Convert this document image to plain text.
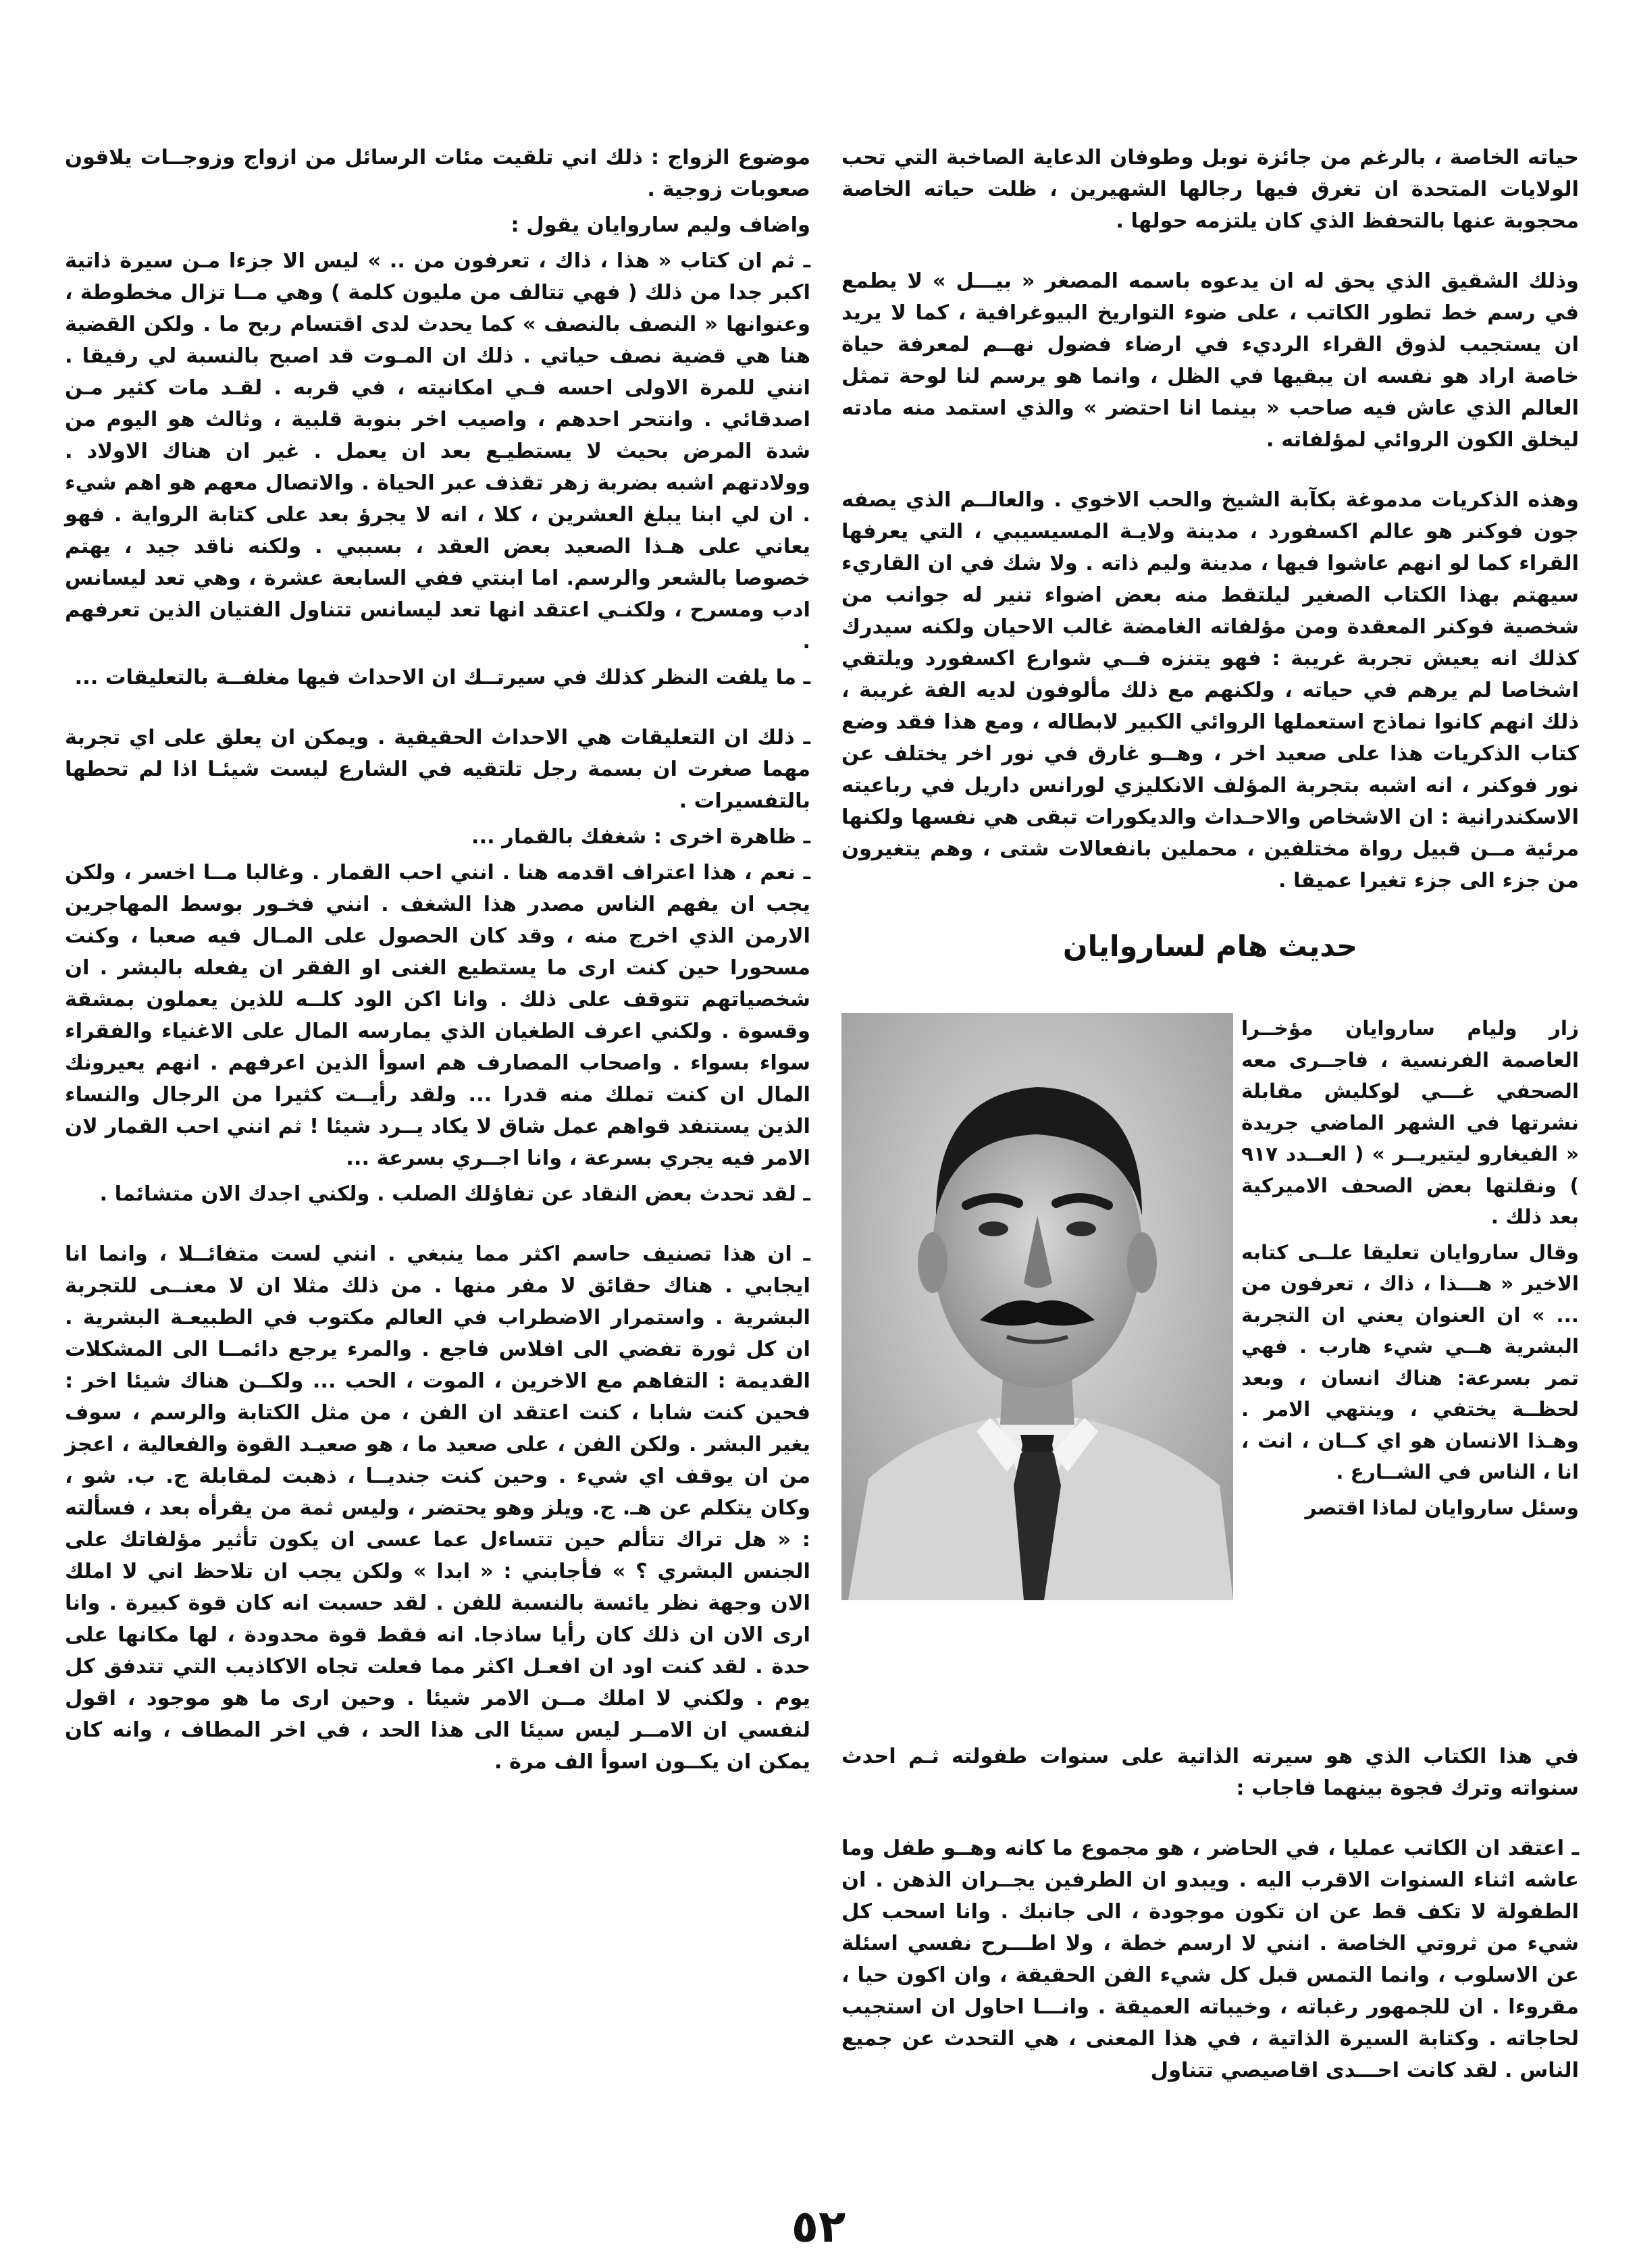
حياته الخاصة ، بالرغم من جائزة نوبل وطوفان الدعاية الصاخبة التي تحب الولايات المتحدة ان تغرق فيها رجالها الشهيرين ، ظلت حياته الخاصة محجوبة عنها بالتحفظ الذي كان يلتزمه حولها .

وذلك الشقيق الذي يحق له ان يدعوه باسمه المصغر « بيـــل » لا يطمع في رسم خط تطور الكاتب ، على ضوء التواريخ البيوغرافية ، كما لا يريد ان يستجيب لذوق القراء الرديء في ارضاء فضول نهــم لمعرفة حياة خاصة اراد هو نفسه ان يبقيها في الظل ، وانما هو يرسم لنا لوحة تمثل العالم الذي عاش فيه صاحب « بينما انا احتضر » والذي استمد منه مادته ليخلق الكون الروائي لمؤلفاته .

وهذه الذكريات مدموغة بكآبة الشيخ والحب الاخوي . والعالــم الذي يصفه جون فوكنر هو عالم اكسفورد ، مدينة ولايـة المسيسيبي ، التي يعرفها القراء كما لو انهم عاشوا فيها ، مدينة وليم ذاته . ولا شك في ان القاريء سيهتم بهذا الكتاب الصغير ليلتقط منه بعض اضواء تنير له جوانب من شخصية فوكنر المعقدة ومن مؤلفاته الغامضة غالب الاحيان ولكنه سيدرك كذلك انه يعيش تجربة غريبة : فهو يتنزه فــي شوارع اكسفورد ويلتقي اشخاصا لم يرهم في حياته ، ولكنهم مع ذلك مألوفون لديه الفة غريبة ، ذلك انهم كانوا نماذج استعملها الروائي الكبير لابطاله ، ومع هذا فقد وضع كتاب الذكريات هذا على صعيد اخر ، وهــو غارق في نور اخر يختلف عن نور فوكنر ، انه اشبه بتجربة المؤلف الانكليزي لورانس داريل في رباعيته الاسكندرانية : ان الاشخاص والاحـداث والديكورات تبقى هي نفسها ولكنها مرئية مــن قبيل رواة مختلفين ، محملين بانفعالات شتى ، وهم يتغيرون من جزء الى جزء تغيرا عميقا .

حديث هام لساروايان

زار وليام ساروايان مؤخــرا العاصمة الفرنسية ، فاجــرى معه الصحفي غـــي لوكليش مقابلة نشرتها في الشهر الماضي جريدة « الفيغارو ليتيريــر » ( العــدد ٩١٧ ) ونقلتها بعض الصحف الاميركية بعد ذلك .

وقال ساروايان تعليقا علــى كتابه الاخير « هـــذا ، ذاك ، تعرفون من ... » ان العنوان يعني ان التجربة البشرية هــي شيء هارب . فهي تمر بسرعة: هناك انسان ، وبعد لحظــة يختفي ، وينتهي الامر . وهـذا الانسان هو اي كــان ، انت ، انا ، الناس في الشــارع .

وسئل ساروايان لماذا اقتصر

في هذا الكتاب الذي هو سيرته الذاتية على سنوات طفولته ثـم احدث سنواته وترك فجوة بينهما فاجاب :

ـ اعتقد ان الكاتب عمليا ، في الحاضر ، هو مجموع ما كانه وهــو طفل وما عاشه اثناء السنوات الاقرب اليه . ويبدو ان الطرفين يجــران الذهن . ان الطفولة لا تكف قط عن ان تكون موجودة ، الى جانبك . وانا اسحب كل شيء من ثروتي الخاصة . انني لا ارسم خطة ، ولا اطـــرح نفسي اسئلة عن الاسلوب ، وانما التمس قبل كل شيء الفن الحقيقة ، وان اكون حيا ، مقروءا . ان للجمهور رغباته ، وخيباته العميقة . وانـــا احاول ان استجيب لحاجاته . وكتابة السيرة الذاتية ، في هذا المعنى ، هي التحدث عن جميع الناس . لقد كانت احـــدى اقاصيصي تتناول

موضوع الزواج : ذلك اني تلقيت مئات الرسائل من ازواج وزوجــات يلاقون صعوبات زوجية .

واضاف وليم ساروايان يقول :

ـ ثم ان كتاب « هذا ، ذاك ، تعرفون من .. » ليس الا جزءا مـن سيرة ذاتية اكبر جدا من ذلك ( فهي تتالف من مليون كلمة ) وهي مــا تزال مخطوطة ، وعنوانها « النصف بالنصف » كما يحدث لدى اقتسام ربح ما . ولكن القضية هنا هي قضية نصف حياتي . ذلك ان المـوت قد اصبح بالنسبة لي رفيقا . انني للمرة الاولى احسه فـي امكانيته ، في قربه . لقـد مات كثير مـن اصدقائي . وانتحر احدهم ، واصيب اخر بنوبة قلبية ، وثالث هو اليوم من شدة المرض بحيث لا يستطيـع بعد ان يعمل . غير ان هناك الاولاد . وولادتهم اشبه بضربة زهر تقذف عبر الحياة . والاتصال معهم هو اهم شيء . ان لي ابنا يبلغ العشرين ، كلا ، انه لا يجرؤ بعد على كتابة الرواية . فهو يعاني على هـذا الصعيد بعض العقد ، بسببي . ولكنه ناقد جيد ، يهتم خصوصا بالشعر والرسم. اما ابنتي ففي السابعة عشرة ، وهي تعد ليسانس ادب ومسرح ، ولكنـي اعتقد انها تعد ليسانس تتناول الفتيان الذين تعرفهم .

ـ ما يلفت النظر كذلك في سيرتــك ان الاحداث فيها مغلفــة بالتعليقات ...

ـ ذلك ان التعليقات هي الاحداث الحقيقية . ويمكن ان يعلق على اي تجربة مهما صغرت ان بسمة رجل تلتقيه في الشارع ليست شيئـا اذا لم تحطها بالتفسيرات .

ـ ظاهرة اخرى : شغفك بالقمار ...

ـ نعم ، هذا اعتراف اقدمه هنا . انني احب القمار . وغالبا مــا اخسر ، ولكن يجب ان يفهم الناس مصدر هذا الشغف . انني فخـور بوسط المهاجرين الارمن الذي اخرج منه ، وقد كان الحصول على المـال فيه صعبا ، وكنت مسحورا حين كنت ارى ما يستطيع الغنى او الفقر ان يفعله بالبشر . ان شخصياتهم تتوقف على ذلك . وانا اكن الود كلــه للذين يعملون بمشقة وقسوة . ولكني اعرف الطغيان الذي يمارسه المال على الاغنياء والفقراء سواء بسواء . واصحاب المصارف هم اسوأ الذين اعرفهم . انهم يعيرونك المال ان كنت تملك منه قدرا ... ولقد رأيــت كثيرا من الرجال والنساء الذين يستنفد قواهم عمل شاق لا يكاد يــرد شيئا ! ثم انني احب القمار لان الامر فيه يجري بسرعة ، وانا اجــري بسرعة ...

ـ لقد تحدث بعض النقاد عن تفاؤلك الصلب . ولكني اجدك الان متشائما .

ـ ان هذا تصنيف حاسم اكثر مما ينبغي . انني لست متفائــلا ، وانما انا ايجابي . هناك حقائق لا مفر منها . من ذلك مثلا ان لا معنــى للتجربة البشرية . واستمرار الاضطراب في العالم مكتوب في الطبيعـة البشرية . ان كل ثورة تفضي الى افلاس فاجع . والمرء يرجع دائمــا الى المشكلات القديمة : التفاهم مع الاخرين ، الموت ، الحب ... ولكــن هناك شيئا اخر : فحين كنت شابا ، كنت اعتقد ان الفن ، من مثل الكتابة والرسم ، سوف يغير البشر . ولكن الفن ، على صعيد ما ، هو صعيـد القوة والفعالية ، اعجز من ان يوقف اي شيء . وحين كنت جنديــا ، ذهبت لمقابلة ج. ب. شو ، وكان يتكلم عن هـ. ج. ويلز وهو يحتضر ، وليس ثمة من يقرأه بعد ، فسألته : « هل تراك تتألم حين تتساءل عما عسى ان يكون تأثير مؤلفاتك على الجنس البشري ؟ » فأجابني : « ابدا » ولكن يجب ان تلاحظ اني لا املك الان وجهة نظر يائسة بالنسبة للفن . لقد حسبت انه كان قوة كبيرة . وانا ارى الان ان ذلك كان رأيا ساذجا. انه فقط قوة محدودة ، لها مكانها على حدة . لقد كنت اود ان افعـل اكثر مما فعلت تجاه الاكاذيب التي تتدفق كل يوم . ولكني لا املك مــن الامر شيئا . وحين ارى ما هو موجود ، اقول لنفسي ان الامــر ليس سيئا الى هذا الحد ، في اخر المطاف ، وانه كان يمكن ان يكــون اسوأ الف مرة .

٥٢
